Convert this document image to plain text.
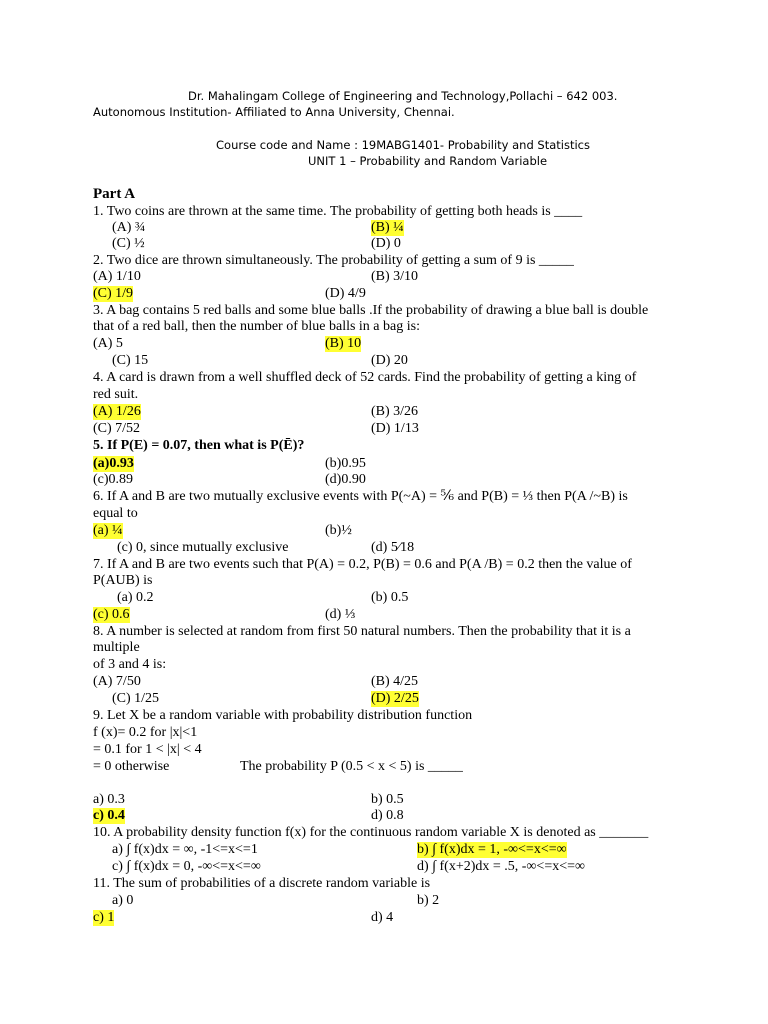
Dr. Mahalingam College of Engineering and Technology,Pollachi – 642 003.
Autonomous Institution- Affiliated to Anna University, Chennai.
Course code and Name : 19MABG1401- Probability and Statistics
UNIT 1 – Probability and Random Variable
Part A
1. Two coins are thrown at the same time. The probability of getting both heads is ____
(A) ¾	(B) ¼
(C) ½	(D) 0
2. Two dice are thrown simultaneously. The probability of getting a sum of 9 is _____
(A) 1/10	(B) 3/10
(C) 1/9	(D) 4/9
3. A bag contains 5 red balls and some blue balls .If the probability of drawing a blue ball is double
that of a red ball, then the number of blue balls in a bag is:
(A) 5	(B) 10
(C) 15	(D) 20
4. A card is drawn from a well shuffled deck of 52 cards. Find the probability of getting a king of
red suit.
(A) 1/26	(B) 3/26
(C) 7/52	(D) 1/13
5. If P(E) = 0.07, then what is P(Ē)?
(a)0.93	(b)0.95
(c)0.89	(d)0.90
6. If A and B are two mutually exclusive events with P(~A) = ⅚ and P(B) = ⅓ then P(A /~B) is
equal to
(a) ¼	(b)½
(c) 0, since mutually exclusive	(d) 5⁄18
7. If A and B are two events such that P(A) = 0.2, P(B) = 0.6 and P(A /B) = 0.2 then the value of
P(AUB) is
(a) 0.2	(b) 0.5
(c) 0.6	(d) ⅓
8. A number is selected at random from first 50 natural numbers. Then the probability that it is a
multiple
of 3 and 4 is:
(A) 7/50	(B) 4/25
(C) 1/25	(D) 2/25
9. Let X be a random variable with probability distribution function
f (x)= 0.2 for |x|<1
= 0.1 for 1 < |x| < 4
= 0 otherwise	The probability P (0.5 < x < 5) is _____
a) 0.3	b) 0.5
c) 0.4	d) 0.8
10. A probability density function f(x) for the continuous random variable X is denoted as _______
a) ∫ f(x)dx = ∞, -1<=x<=1	b) ∫ f(x)dx = 1, -∞<=x<=∞
c) ∫ f(x)dx = 0, -∞<=x<=∞	d) ∫ f(x+2)dx = .5, -∞<=x<=∞
11. The sum of probabilities of a discrete random variable is
a) 0	b) 2
c) 1	d) 4
